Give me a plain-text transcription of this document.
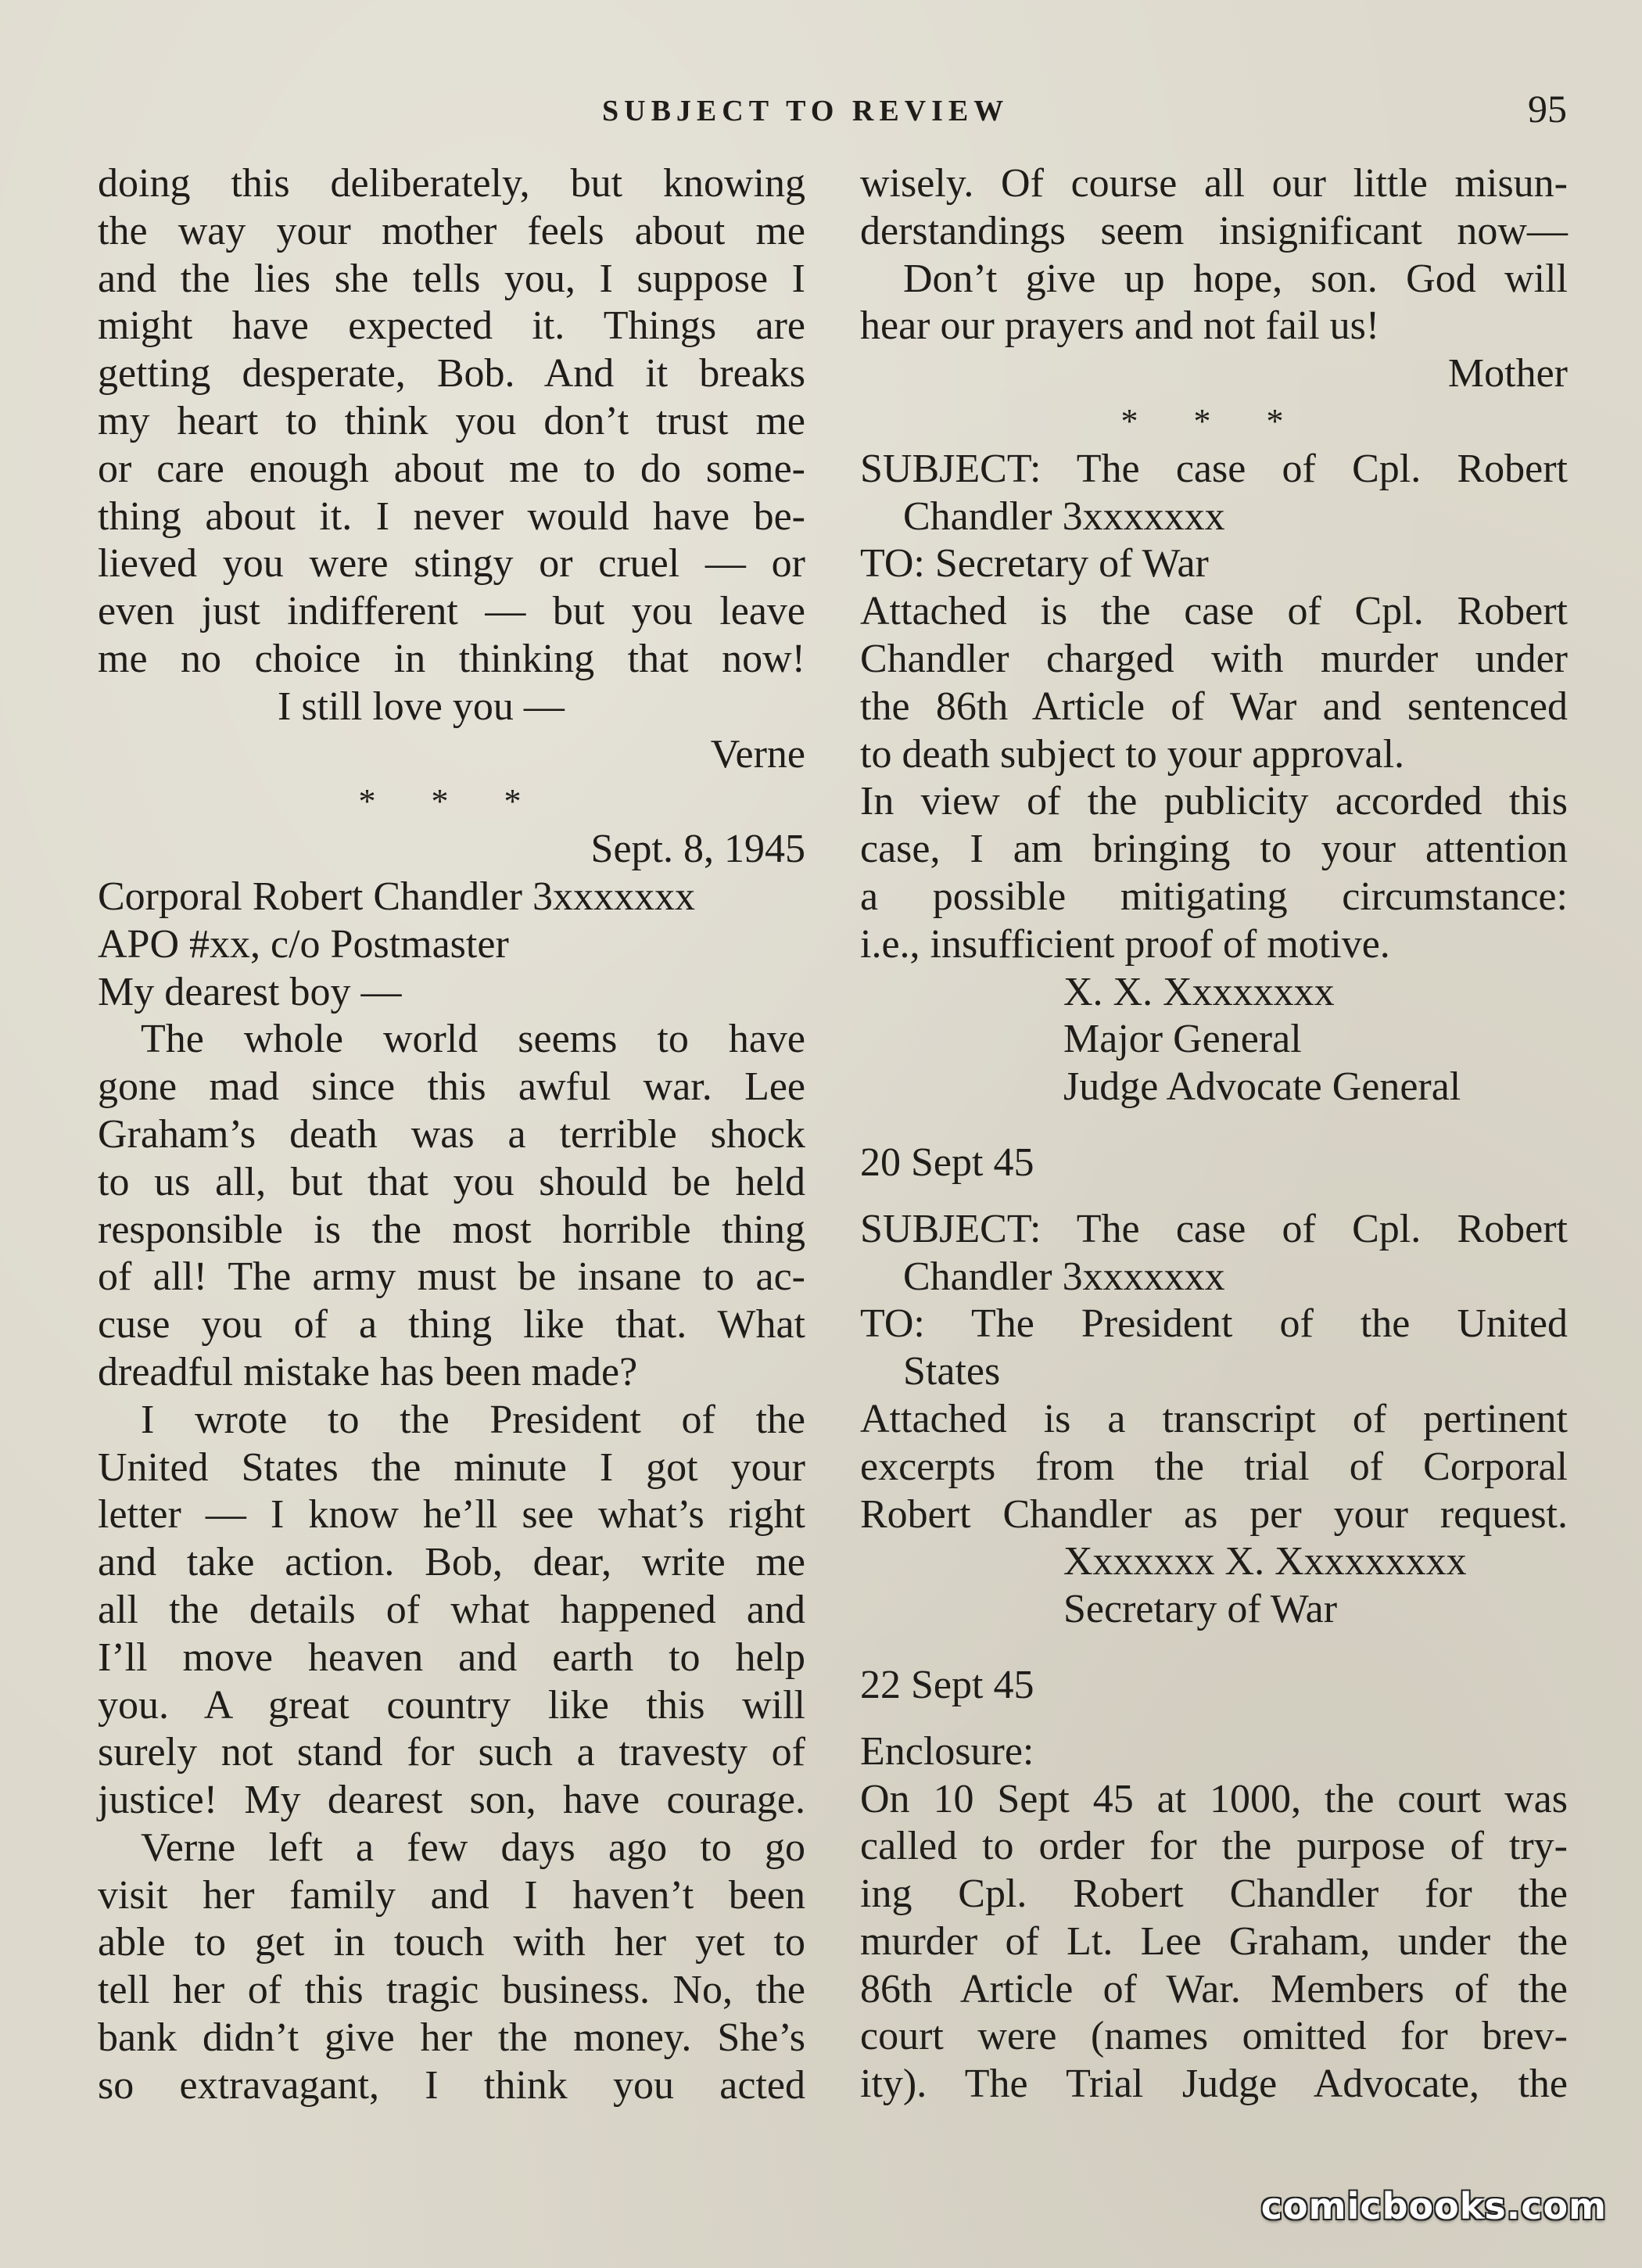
SUBJECT TO REVIEW	95
doing this deliberately, but knowing
the way your mother feels about me
and the lies she tells you, I suppose I
might have expected it. Things are
getting desperate, Bob. And it breaks
my heart to think you don’t trust me
or care enough about me to do some-
thing about it. I never would have be-
lieved you were stingy or cruel — or
even just indifferent — but you leave
me no choice in thinking that now!
I still love you —
Verne
* * *
Sept. 8, 1945
Corporal Robert Chandler 3xxxxxxx
APO #xx, c/o Postmaster
My dearest boy —
The whole world seems to have
gone mad since this awful war. Lee
Graham’s death was a terrible shock
to us all, but that you should be held
responsible is the most horrible thing
of all! The army must be insane to ac-
cuse you of a thing like that. What
dreadful mistake has been made?
I wrote to the President of the
United States the minute I got your
letter — I know he’ll see what’s right
and take action. Bob, dear, write me
all the details of what happened and
I’ll move heaven and earth to help
you. A great country like this will
surely not stand for such a travesty of
justice! My dearest son, have courage.
Verne left a few days ago to go
visit her family and I haven’t been
able to get in touch with her yet to
tell her of this tragic business. No, the
bank didn’t give her the money. She’s
so extravagant, I think you acted
wisely. Of course all our little misun-
derstandings seem insignificant now—
Don’t give up hope, son. God will
hear our prayers and not fail us!
Mother
* * *
SUBJECT: The case of Cpl. Robert
Chandler 3xxxxxxx
TO: Secretary of War
Attached is the case of Cpl. Robert
Chandler charged with murder under
the 86th Article of War and sentenced
to death subject to your approval.
In view of the publicity accorded this
case, I am bringing to your attention
a possible mitigating circumstance:
i.e., insufficient proof of motive.
X. X. Xxxxxxxx
Major General
Judge Advocate General
20 Sept 45
SUBJECT: The case of Cpl. Robert
Chandler 3xxxxxxx
TO: The President of the United
States
Attached is a transcript of pertinent
excerpts from the trial of Corporal
Robert Chandler as per your request.
Xxxxxxx X. Xxxxxxxxx
Secretary of War
22 Sept 45
Enclosure:
On 10 Sept 45 at 1000, the court was
called to order for the purpose of try-
ing Cpl. Robert Chandler for the
murder of Lt. Lee Graham, under the
86th Article of War. Members of the
court were (names omitted for brev-
ity). The Trial Judge Advocate, the
comicbooks.com
